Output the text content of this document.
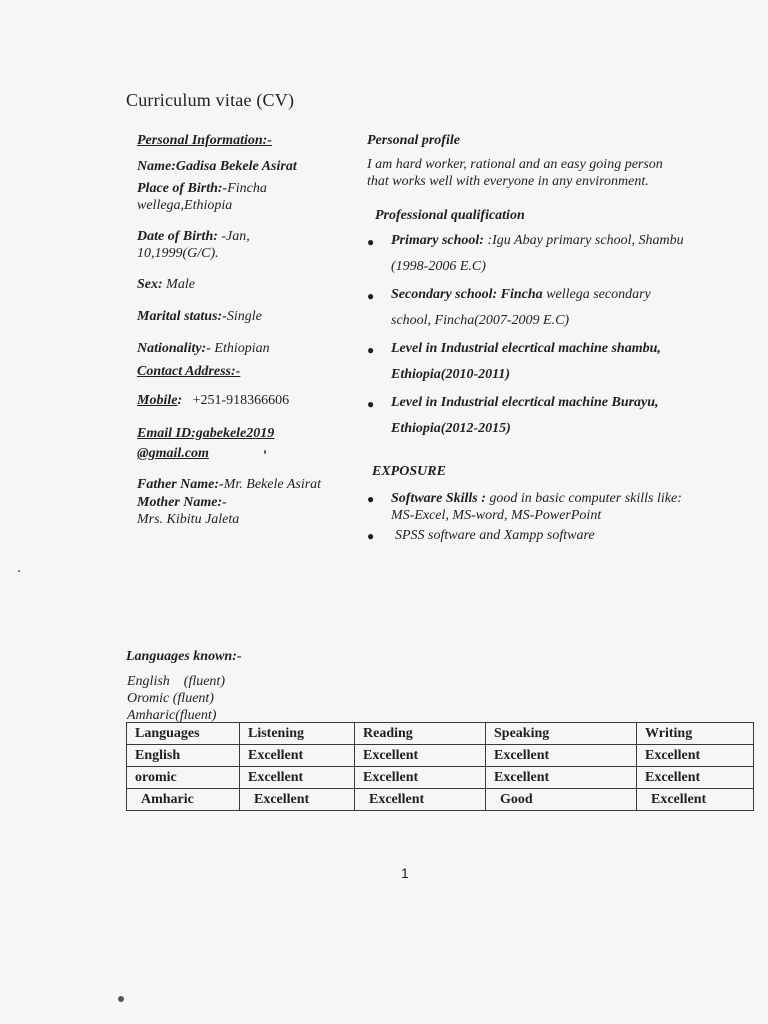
Curriculum vitae (CV)
Personal Information:-
Name:Gadisa Bekele Asirat
Place of Birth:-Fincha
wellega,Ethiopia
Date of Birth: -Jan,
10,1999(G/C).
Sex: Male
Marital status:-Single
Nationality:- Ethiopian
Contact Address:-
Mobile: +251-918366606
Email ID:gabekele2019
@gmail.com
Father Name:-Mr. Bekele Asirat
Mother Name:-
Mrs. Kibitu Jaleta
Personal profile
I am hard worker, rational and an easy going person
that works well with everyone in any environment.
Professional qualification
● Primary school: :Igu Abay primary school, Shambu
(1998-2006 E.C)
● Secondary school: Fincha wellega secondary
school, Fincha(2007-2009 E.C)
● Level in Industrial elecrtical machine shambu,
Ethiopia(2010-2011)
● Level in Industrial elecrtical machine Burayu,
Ethiopia(2012-2015)
EXPOSURE
● Software Skills : good in basic computer skills like:
MS-Excel, MS-word, MS-PowerPoint
● SPSS software and Xampp software
Languages known:-
English    (fluent)
Oromic (fluent)
Amharic(fluent)
Languages	Listening	Reading	Speaking	Writing
English	Excellent	Excellent	Excellent	Excellent
oromic	Excellent	Excellent	Excellent	Excellent
Amharic	Excellent	Excellent	Good	Excellent
1
